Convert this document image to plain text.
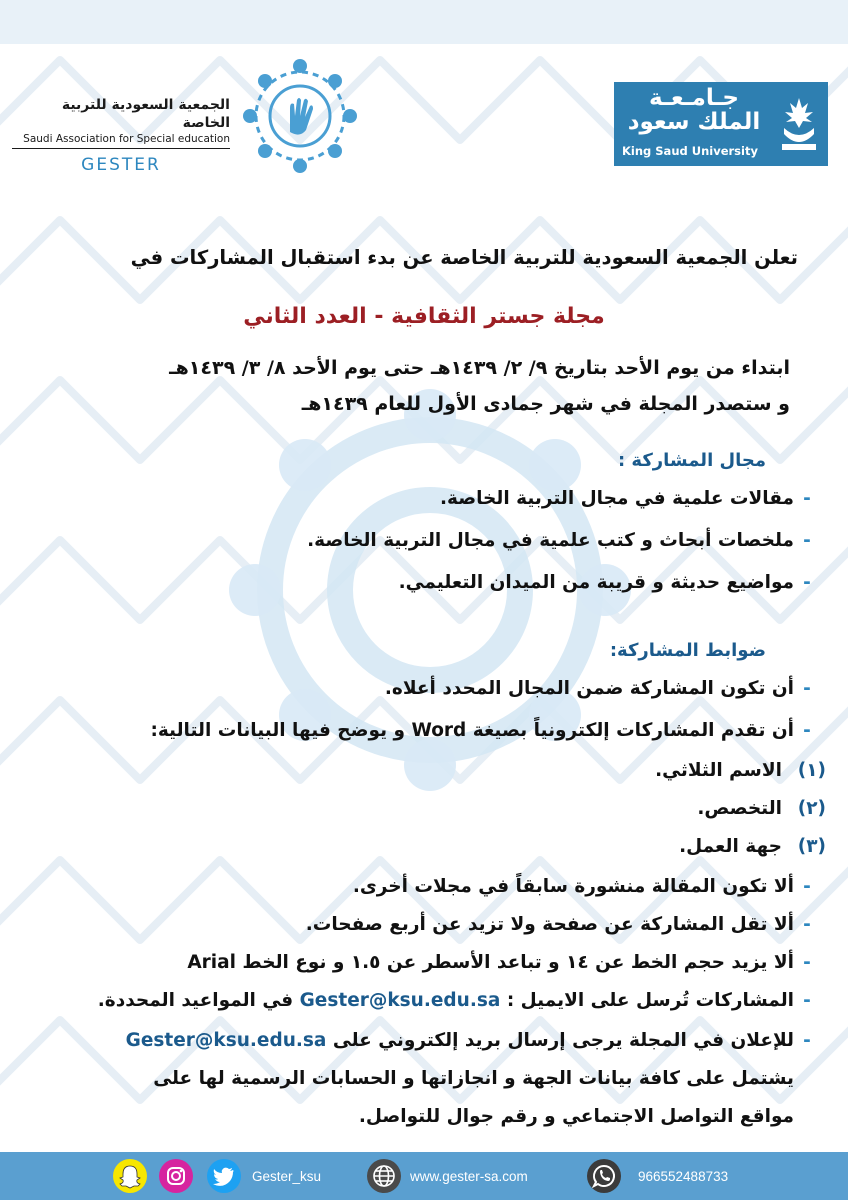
الجمعية السعودية للتربية الخاصة
Saudi Association for Special education
GESTER
جـامـعـة
الملك سعود
King Saud University
تعلن الجمعية السعودية للتربية الخاصة عن بدء استقبال المشاركات في
مجلة جستر الثقافية - العدد الثاني
ابتداء من يوم الأحد بتاريخ ٩/ ٢/ ١٤٣٩هـ حتى يوم الأحد ٨/ ٣/ ١٤٣٩هـ
و ستصدر المجلة في شهر جمادى الأول للعام ١٤٣٩هـ
مجال المشاركة :
-مقالات علمية في مجال التربية الخاصة.
-ملخصات أبحاث و كتب علمية في مجال التربية الخاصة.
-مواضيع حديثة و قريبة من الميدان التعليمي.
ضوابط المشاركة:
-أن تكون المشاركة ضمن المجال المحدد أعلاه.
-أن تقدم المشاركات إلكترونياً بصيغة Word و يوضح فيها البيانات التالية:
(١)الاسم الثلاثي.
(٢)التخصص.
(٣)جهة العمل.
-ألا تكون المقالة منشورة سابقاً في مجلات أخرى.
-ألا تقل المشاركة عن صفحة ولا تزيد عن أربع صفحات.
-ألا يزيد حجم الخط عن ١٤ و تباعد الأسطر عن ١.٥ و نوع الخط Arial
-المشاركات تُرسل على الايميل : Gester@ksu.edu.sa في المواعيد المحددة.
-للإعلان في المجلة يرجى إرسال بريد إلكتروني على Gester@ksu.edu.sa
يشتمل على كافة بيانات الجهة و انجازاتها و الحسابات الرسمية لها على
مواقع التواصل الاجتماعي و رقم جوال للتواصل.
Gester_ksu	www.gester-sa.com	966552488733
